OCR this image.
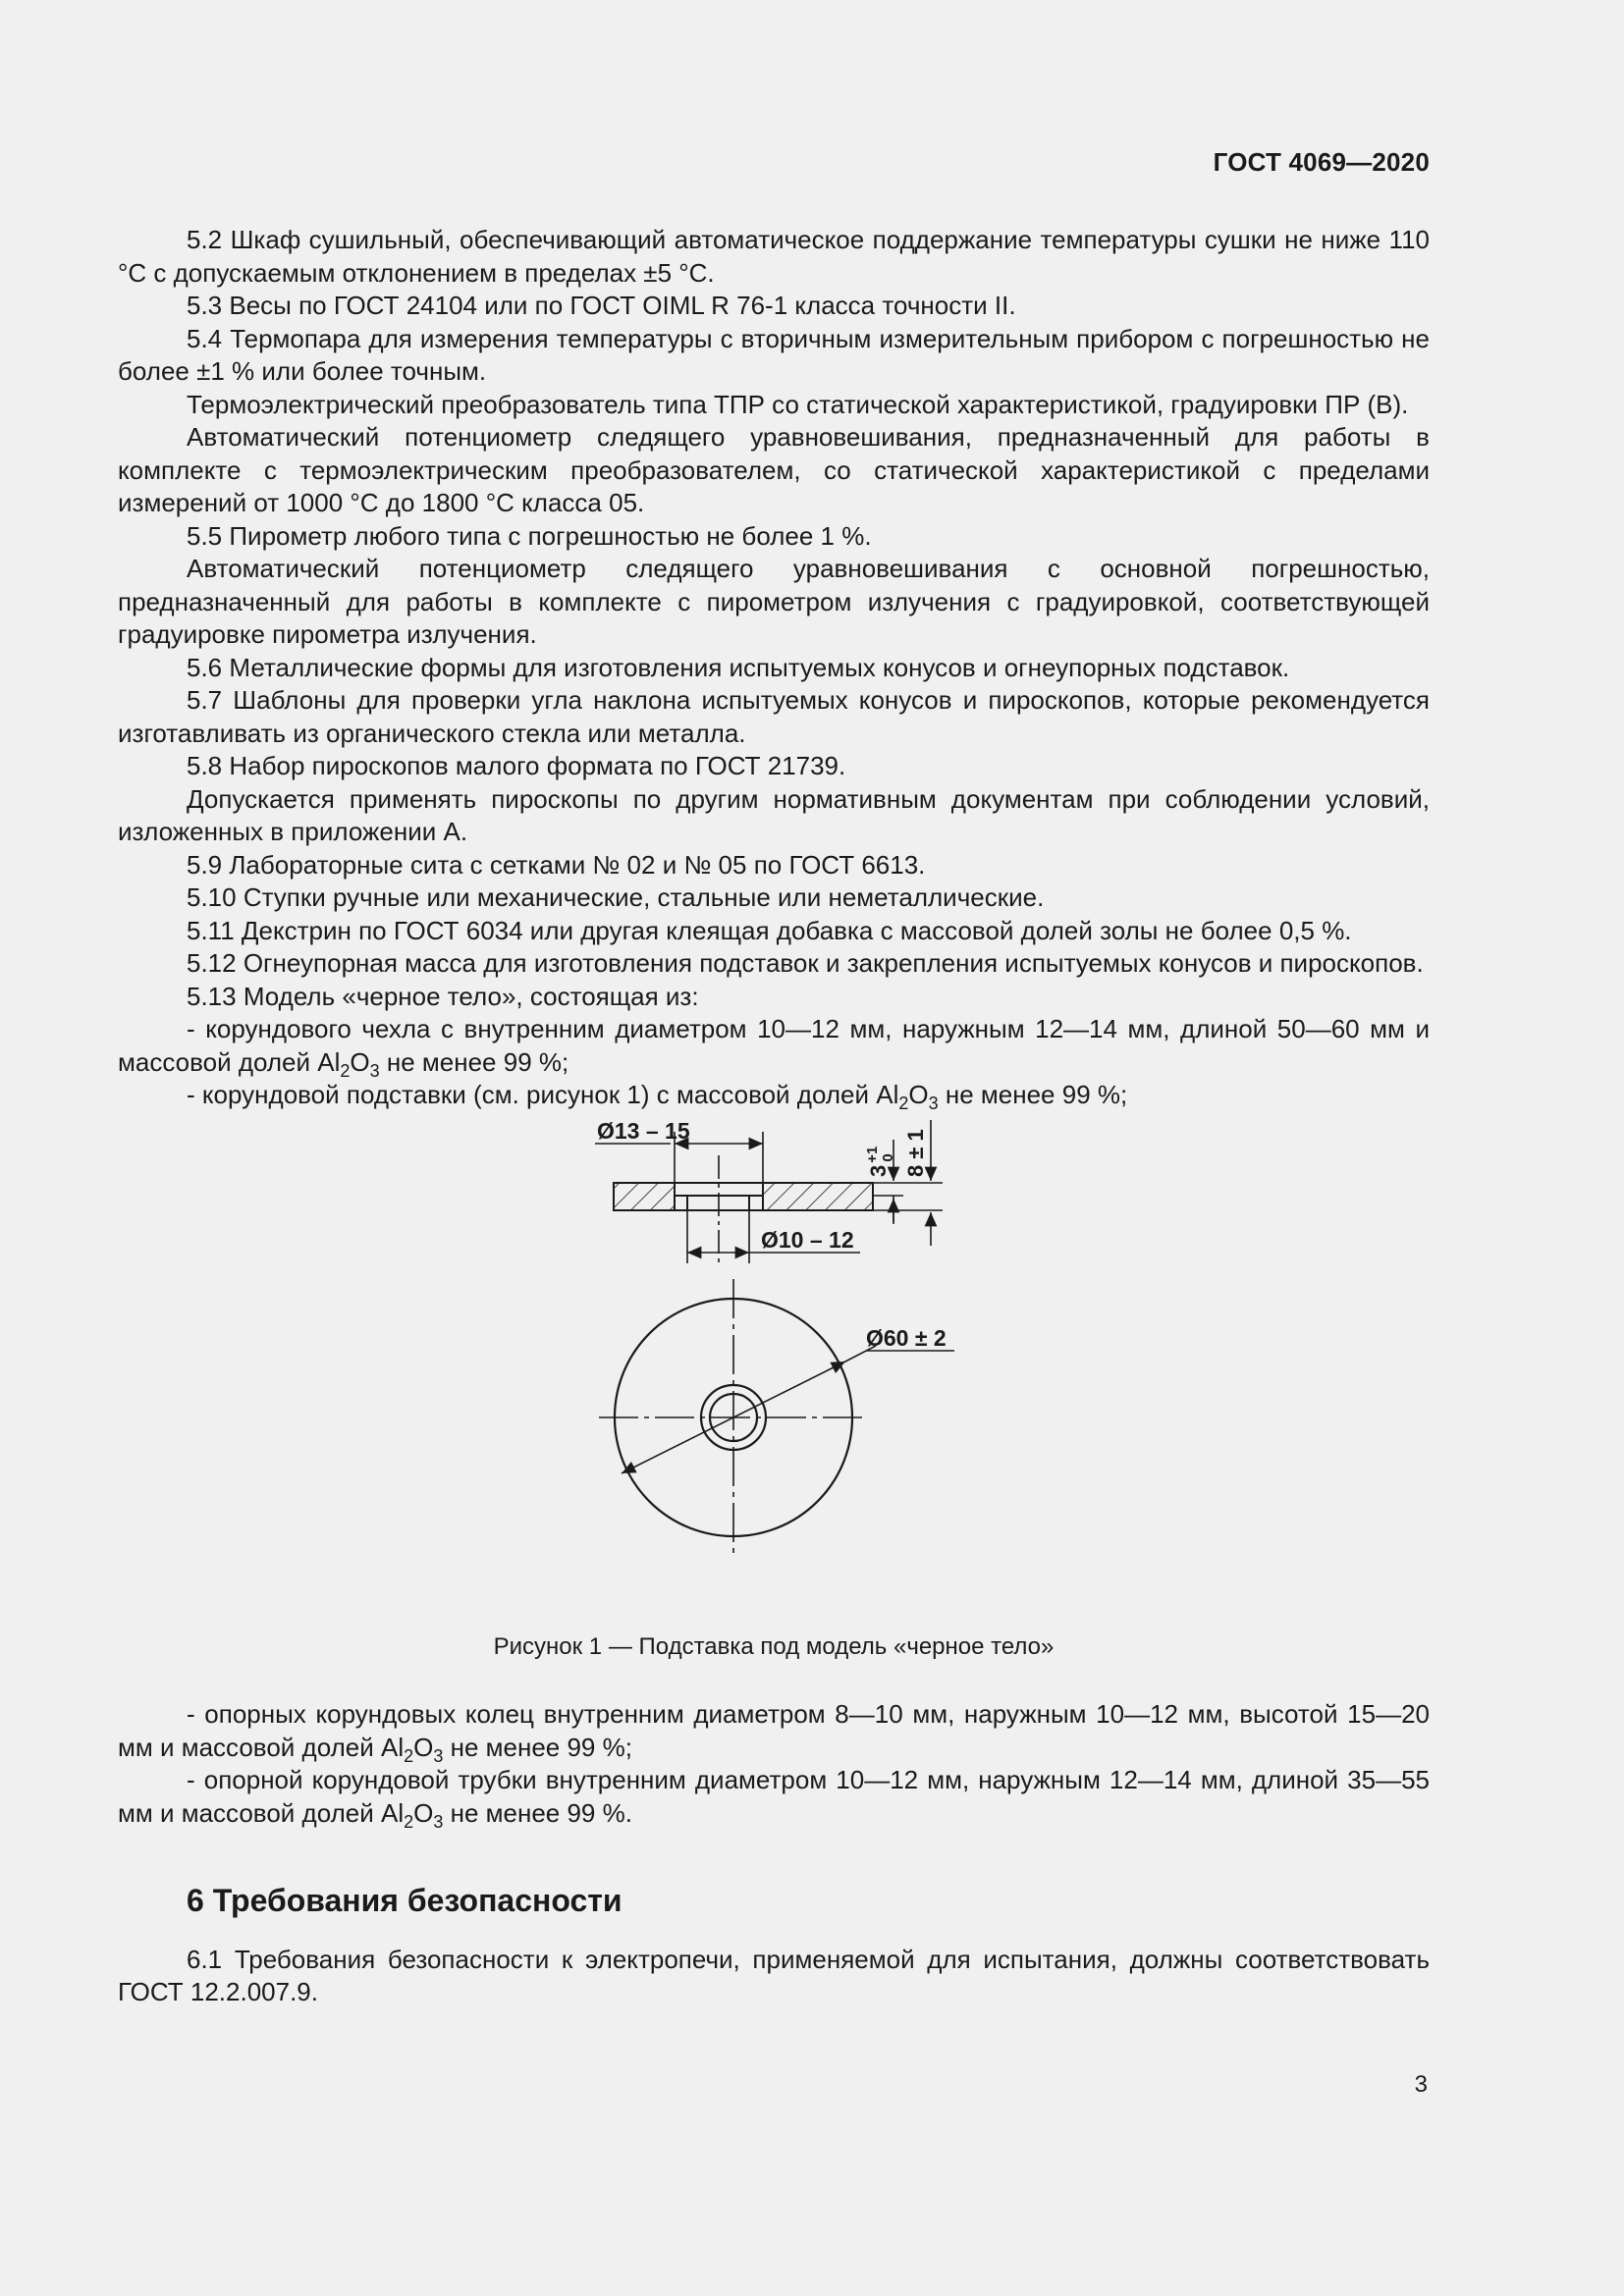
ГОСТ 4069—2020

5.2 Шкаф сушильный, обеспечивающий автоматическое поддержание температуры сушки не ниже 110 °С с допускаемым отклонением в пределах ±5 °С.

5.3 Весы по ГОСТ 24104 или по ГОСТ OIML R 76-1 класса точности II.

5.4 Термопара для измерения температуры с вторичным измерительным прибором с погрешностью не более ±1 % или более точным.

Термоэлектрический преобразователь типа ТПР со статической характеристикой, градуировки ПР (В).

Автоматический потенциометр следящего уравновешивания, предназначенный для работы в комплекте с термоэлектрическим преобразователем, со статической характеристикой с пределами измерений от 1000 °С до 1800 °С класса 05.

5.5 Пирометр любого типа с погрешностью не более 1 %.

Автоматический потенциометр следящего уравновешивания с основной погрешностью, предназначенный для работы в комплекте с пирометром излучения с градуировкой, соответствующей градуировке пирометра излучения.

5.6 Металлические формы для изготовления испытуемых конусов и огнеупорных подставок.

5.7 Шаблоны для проверки угла наклона испытуемых конусов и пироскопов, которые рекомендуется изготавливать из органического стекла или металла.

5.8 Набор пироскопов малого формата по ГОСТ 21739.

Допускается применять пироскопы по другим нормативным документам при соблюдении условий, изложенных в приложении А.

5.9 Лабораторные сита с сетками № 02 и № 05 по ГОСТ 6613.

5.10 Ступки ручные или механические, стальные или неметаллические.

5.11 Декстрин по ГОСТ 6034 или другая клеящая добавка с массовой долей золы не более 0,5 %.

5.12 Огнеупорная масса для изготовления подставок и закрепления испытуемых конусов и пироскопов.

5.13 Модель «черное тело», состоящая из:

- корундового чехла с внутренним диаметром 10—12 мм, наружным 12—14 мм, длиной 50—60 мм и массовой долей $Al_2O_3$ не менее 99 %;

- корундовой подставки (см. рисунок 1) с массовой долей $Al_2O_3$ не менее 99 %;

Ø13 – 15
Ø10 – 12
$3^{+1}0$ 8 ± 1
Ø60 ± 2
Рисунок 1 — Подставка под модель «черное тело»

- опорных корундовых колец внутренним диаметром 8—10 мм, наружным 10—12 мм, высотой 15—20 мм и массовой долей $Al_2O_3$ не менее 99 %;

- опорной корундовой трубки внутренним диаметром 10—12 мм, наружным 12—14 мм, длиной 35—55 мм и массовой долей $Al_2O_3$ не менее 99 %.

6 Требования безопасности

6.1 Требования безопасности к электропечи, применяемой для испытания, должны соответствовать ГОСТ 12.2.007.9.

3
